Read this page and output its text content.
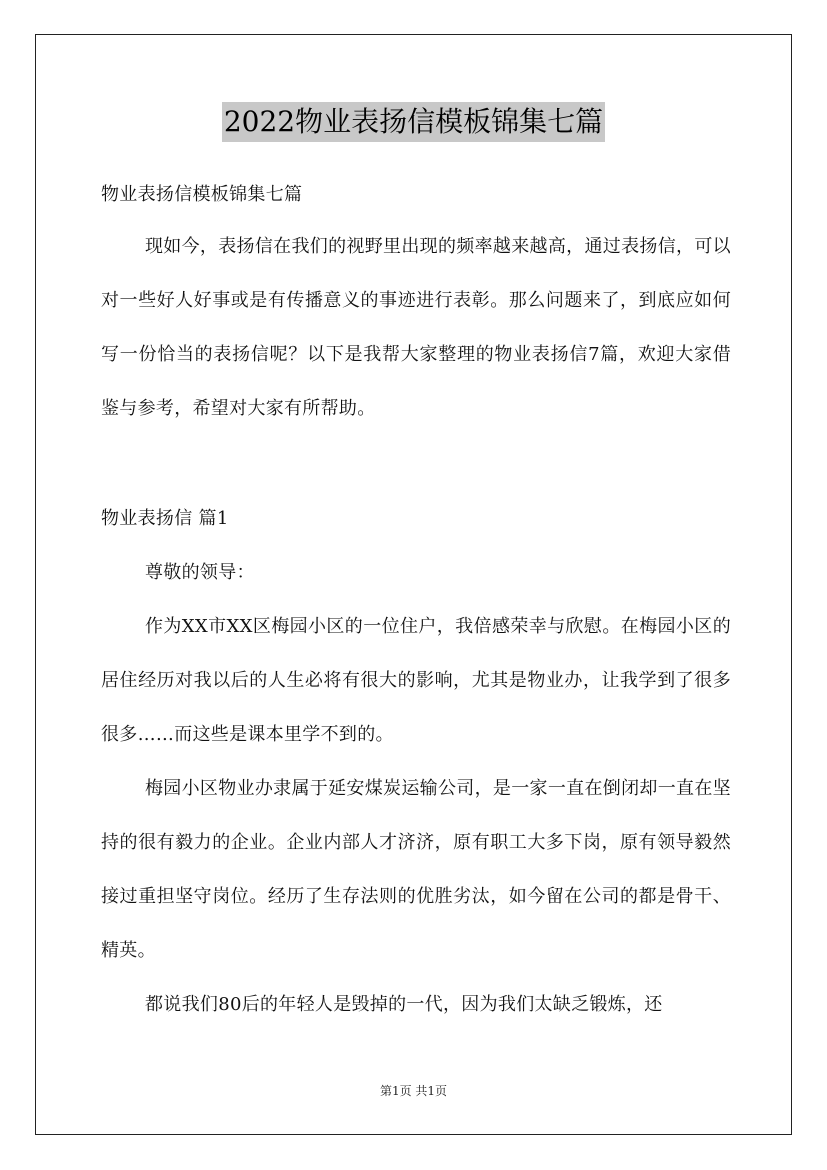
2022物业表扬信模板锦集七篇

物业表扬信模板锦集七篇

现如今，表扬信在我们的视野里出现的频率越来越高，通过表扬信，可以对一些好人好事或是有传播意义的事迹进行表彰。那么问题来了，到底应如何写一份恰当的表扬信呢？以下是我帮大家整理的物业表扬信7篇，欢迎大家借鉴与参考，希望对大家有所帮助。

物业表扬信 篇1

尊敬的领导：

作为XX市XX区梅园小区的一位住户，我倍感荣幸与欣慰。在梅园小区的居住经历对我以后的人生必将有很大的影响，尤其是物业办，让我学到了很多很多……而这些是课本里学不到的。

梅园小区物业办隶属于延安煤炭运输公司，是一家一直在倒闭却一直在坚持的很有毅力的企业。企业内部人才济济，原有职工大多下岗，原有领导毅然接过重担坚守岗位。经历了生存法则的优胜劣汰，如今留在公司的都是骨干、精英。

都说我们80后的年轻人是毁掉的一代，因为我们太缺乏锻炼，还

第1页 共1页
